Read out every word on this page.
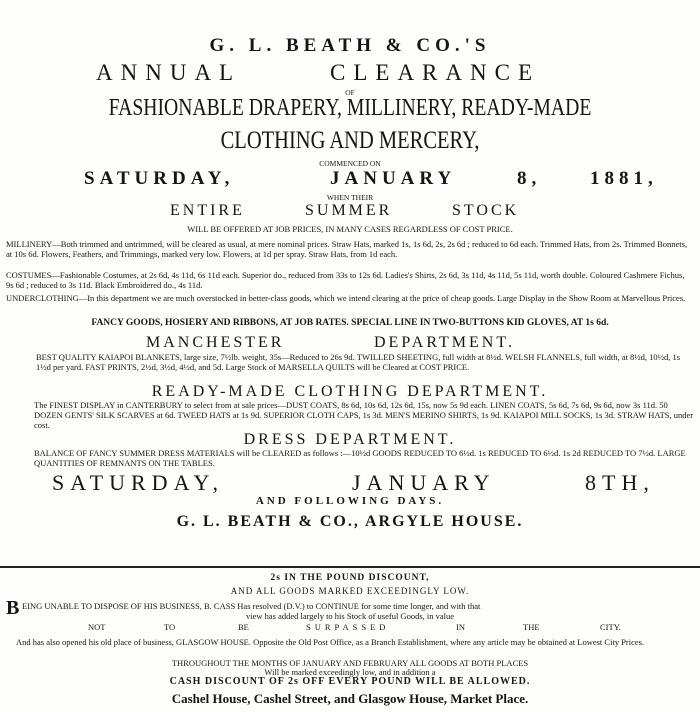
G. L. BEATH & CO.'S
ANNUAL	CLEARANCE
OF
FASHIONABLE DRAPERY, MILLINERY, READY-MADE
CLOTHING AND MERCERY,
COMMENCED ON
SATURDAY,	JANUARY	8,	1881,
WHEN THEIR
ENTIRE	SUMMER	STOCK
WILL BE OFFERED AT JOB PRICES, IN MANY CASES REGARDLESS OF COST PRICE.
MILLINERY—Both trimmed and untrimmed, will be cleared as usual, at mere nominal prices. Straw Hats, marked 1s, 1s 6d, 2s, 2s 6d ; reduced to 6d each. Trimmed Hats, from 2s. Trimmed Bonnets, at 10s 6d. Flowers, Feathers, and Trimmings, marked very low. Flowers, at 1d per spray. Straw Hats, from 1d each.
COSTUMES—Fashionable Costumes, at 2s 6d, 4s 11d, 6s 11d each. Superior do., reduced from 33s to 12s 6d. Ladies's Shirts, 2s 6d, 3s 11d, 4s 11d, 5s 11d, worth double. Coloured Cashmere Fichus, 9s 6d ; reduced to 3s 11d. Black Embroidered do., 4s 11d.
UNDERCLOTHING—In this department we are much overstocked in better-class goods, which we intend clearing at the price of cheap goods. Large Display in the Show Room at Marvellous Prices.
FANCY GOODS, HOSIERY AND RIBBONS, AT JOB RATES. SPECIAL LINE IN TWO-BUTTONS KID GLOVES, AT 1s 6d.
MANCHESTER	DEPARTMENT.
BEST QUALITY KAIAPOI BLANKETS, large size, 7½lb. weight, 35s—Reduced to 26s 9d. TWILLED SHEETING, full width at 8½d. WELSH FLANNELS, full width, at 8½d, 10½d, 1s 1½d per yard. FAST PRINTS, 2½d, 3½d, 4½d, and 5d. Large Stock of MARSELLA QUILTS will be Cleared at COST PRICE.
READY-MADE CLOTHING DEPARTMENT.
The FINEST DISPLAY in CANTERBURY to select from at sale prices—DUST COATS, 8s 6d, 10s 6d, 12s 6d, 15s, now 5s 9d each. LINEN COATS, 5s 6d, 7s 6d, 9s 6d, now 3s 11d. 50 DOZEN GENTS' SILK SCARVES at 6d. TWEED HATS at 1s 9d. SUPERIOR CLOTH CAPS, 1s 3d. MEN'S MERINO SHIRTS, 1s 9d. KAIAPOI MILL SOCKS, 1s 3d. STRAW HATS, under cost.
DRESS DEPARTMENT.
BALANCE OF FANCY SUMMER DRESS MATERIALS will be CLEARED as follows :—10½d GOODS REDUCED TO 6½d. 1s REDUCED TO 6½d. 1s 2d REDUCED TO 7½d. LARGE QUANTITIES OF REMNANTS ON THE TABLES.
SATURDAY,	JANUARY	8TH,
AND FOLLOWING DAYS.
G. L. BEATH & CO., ARGYLE HOUSE.
2s IN THE POUND DISCOUNT,
AND ALL GOODS MARKED EXCEEDINGLY LOW.
B EING UNABLE TO DISPOSE OF HIS BUSINESS, B. CASS Has resolved (D.V.) to CONTINUE for some time longer, and with that
view has added largely to his Stock of useful Goods, in value
NOT	TO	BE	SURPASSED	IN	THE	CITY.
And has also opened his old place of business, GLASGOW HOUSE. Opposite the Old Post Office, as a Branch Establishment, where any article may be obtained at Lowest City Prices.
THROUGHOUT THE MONTHS OF JANUARY AND FEBRUARY ALL GOODS AT BOTH PLACES
Will be marked exceedingly low, and in addition a
CASH DISCOUNT OF 2s OFF EVERY POUND WILL BE ALLOWED.
Cashel House, Cashel Street, and Glasgow House, Market Place.
